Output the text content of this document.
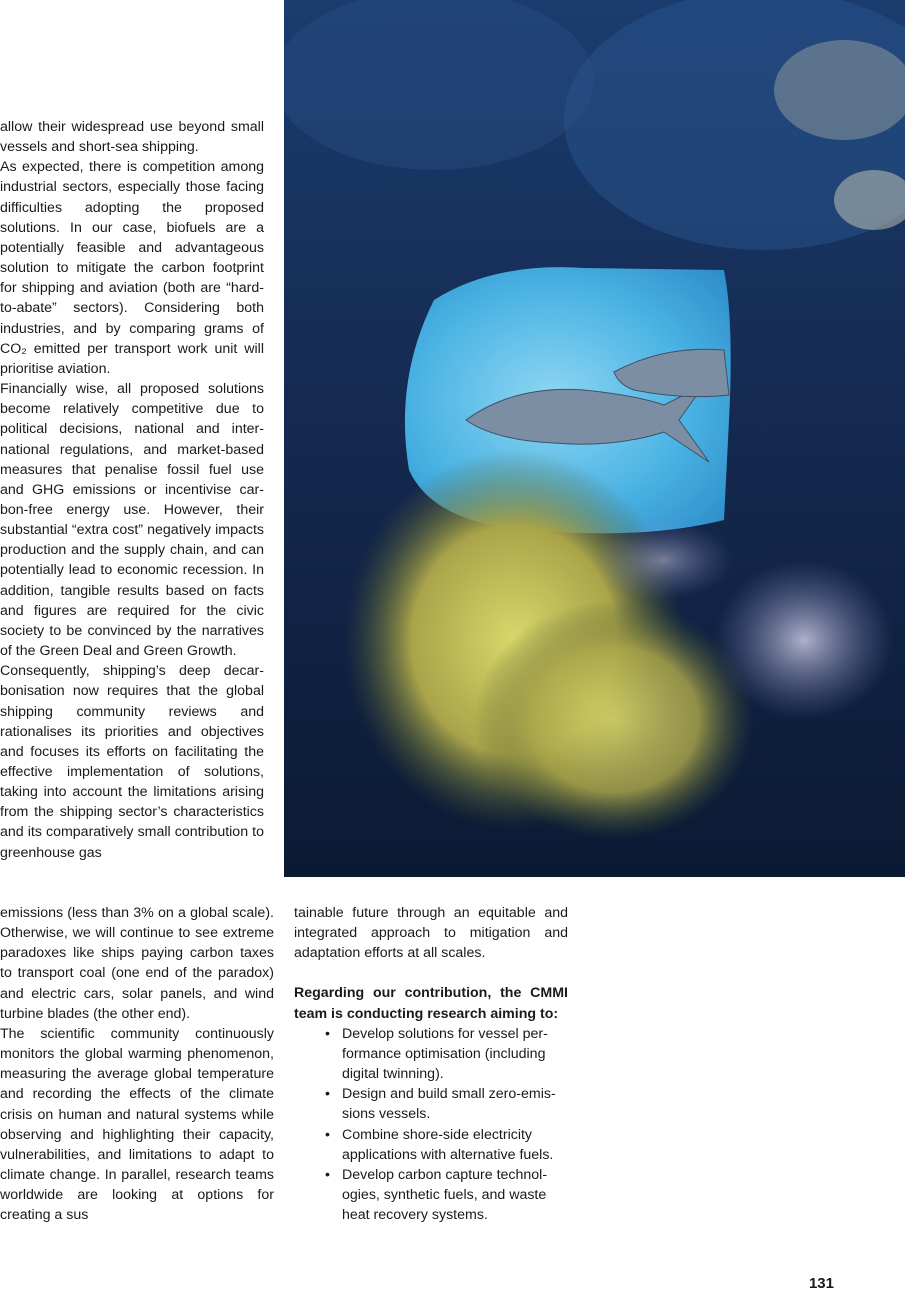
allow their widespread use beyond small vessels and short-sea shipping.

As expected, there is competition among industrial sectors, especially those facing difficulties adopting the proposed solutions. In our case, biofuels are a potentially feasible and advantageous solution to mitigate the carbon footprint for shipping and aviation (both are “hard-to-abate” sectors). Considering both industries, and by comparing grams of CO₂ emitted per transport work unit will prioritise aviation.

Financially wise, all proposed solutions become relatively competitive due to political decisions, national and international regulations, and market-based measures that penalise fossil fuel use and GHG emissions or incentivise carbon-free energy use. However, their substantial “extra cost” negatively impacts production and the supply chain, and can potentially lead to economic recession. In addition, tangible results based on facts and figures are required for the civic society to be convinced by the narratives of the Green Deal and Green Growth.

Consequently, shipping’s deep decarbonisation now requires that the global shipping community reviews and rationalises its priorities and objectives and focuses its efforts on facilitating the effective implementation of solutions, taking into account the limitations arising from the shipping sector’s characteristics and its comparatively small contribution to greenhouse gas

emissions (less than 3% on a global scale). Otherwise, we will continue to see extreme paradoxes like ships paying carbon taxes to transport coal (one end of the paradox) and electric cars, solar panels, and wind turbine blades (the other end).

The scientific community continuously monitors the global warming phenomenon, measuring the average global temperature and recording the effects of the climate crisis on human and natural systems while observing and highlighting their capacity, vulnerabilities, and limitations to adapt to climate change. In parallel, research teams worldwide are looking at options for creating a sus

tainable future through an equitable and integrated approach to mitigation and adaptation efforts at all scales.

Regarding our contribution, the CMMI team is conducting research aiming to:

• Develop solutions for vessel performance optimisation (including digital twinning).
• Design and build small zero-emissions vessels.
• Combine shore-side electricity applications with alternative fuels.
• Develop carbon capture technologies, synthetic fuels, and waste heat recovery systems.
131
